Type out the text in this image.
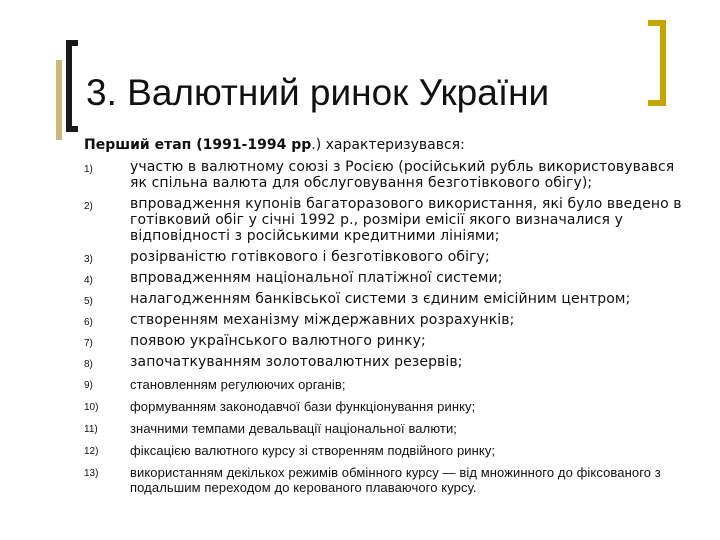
3. Валютний ринок України
Перший етап (1991-1994 рр.) характеризувався:
1)	участю в валютному союзі з Росією (російський рубль використовувався як спільна валюта для обслуговування безготівкового обігу);
2)	впровадження купонів багаторазового використання, які було введено в готівковий обіг у січні 1992 р., розміри емісії якого визначалися у відповідності з російськими кредитними лініями;
3)	розірваністю готівкового і безготівкового обігу;
4)	впровадженням національної платіжної системи;
5)	налагодженням банківської системи з єдиним емісійним центром;
6)	створенням механізму міждержавних розрахунків;
7)	появою українського валютного ринку;
8)	започаткуванням золотовалютних резервів;
9)	становленням регулюючих органів;
10) формуванням законодавчої бази функціонування ринку;
11) значними темпами девальвації національної валюти;
12) фіксацією валютного курсу зі створенням подвійного ринку;
13) використанням декількох режимів обмінного курсу — від множинного до фіксованого з подальшим переходом до керованого плаваючого курсу.
